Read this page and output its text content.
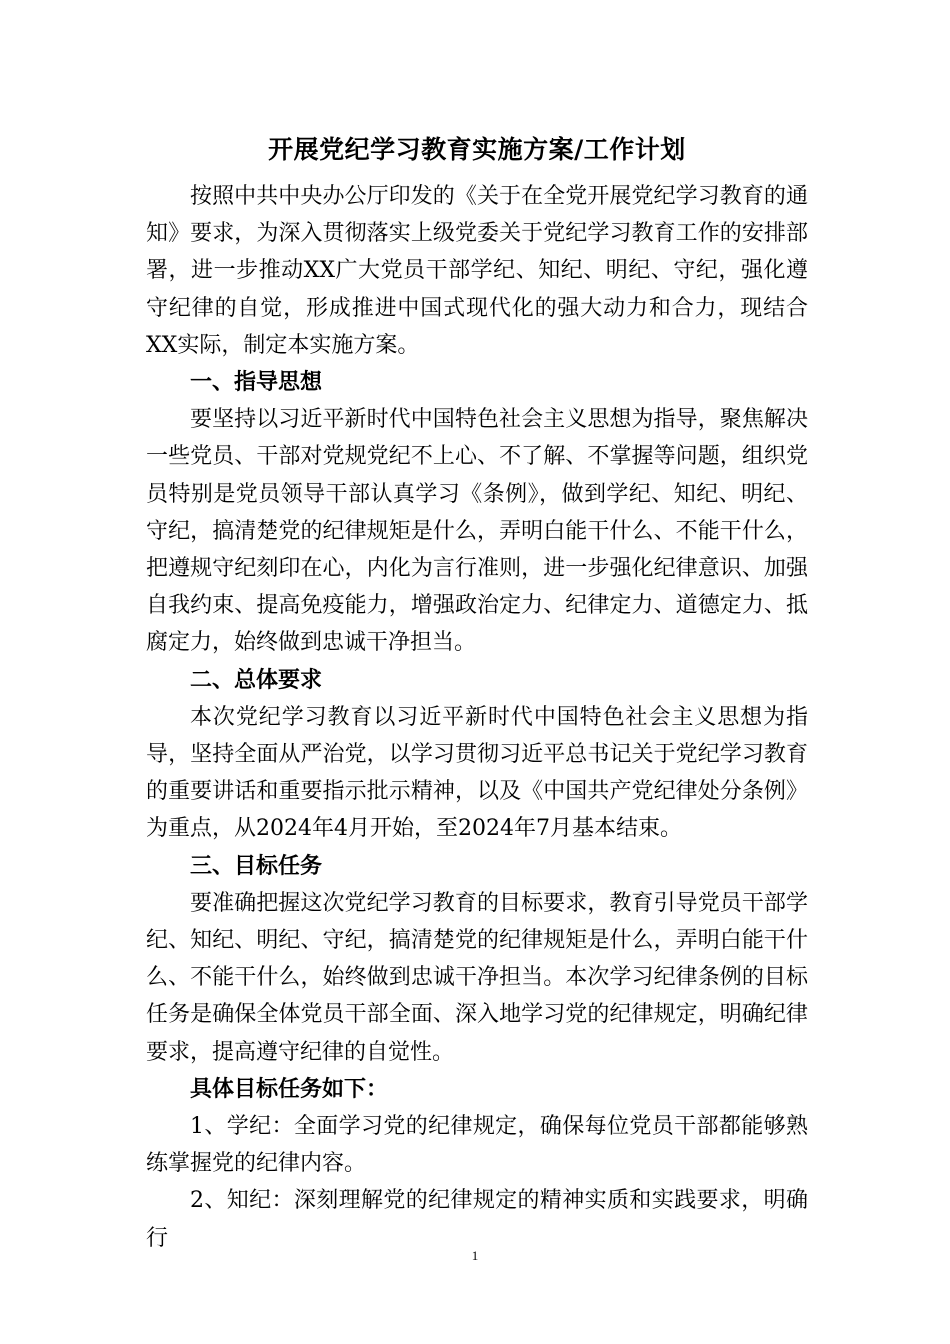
开展党纪学习教育实施方案/工作计划

按照中共中央办公厅印发的《关于在全党开展党纪学习教育的通知》要求，为深入贯彻落实上级党委关于党纪学习教育工作的安排部署，进一步推动XX广大党员干部学纪、知纪、明纪、守纪，强化遵守纪律的自觉，形成推进中国式现代化的强大动力和合力，现结合XX实际，制定本实施方案。

一、指导思想

要坚持以习近平新时代中国特色社会主义思想为指导，聚焦解决一些党员、干部对党规党纪不上心、不了解、不掌握等问题，组织党员特别是党员领导干部认真学习《条例》，做到学纪、知纪、明纪、守纪，搞清楚党的纪律规矩是什么，弄明白能干什么、不能干什么，把遵规守纪刻印在心，内化为言行准则，进一步强化纪律意识、加强自我约束、提高免疫能力，增强政治定力、纪律定力、道德定力、抵腐定力，始终做到忠诚干净担当。

二、总体要求

本次党纪学习教育以习近平新时代中国特色社会主义思想为指导，坚持全面从严治党，以学习贯彻习近平总书记关于党纪学习教育的重要讲话和重要指示批示精神，以及《中国共产党纪律处分条例》为重点，从2024年4月开始，至2024年7月基本结束。

三、目标任务

要准确把握这次党纪学习教育的目标要求，教育引导党员干部学纪、知纪、明纪、守纪，搞清楚党的纪律规矩是什么，弄明白能干什么、不能干什么，始终做到忠诚干净担当。本次学习纪律条例的目标任务是确保全体党员干部全面、深入地学习党的纪律规定，明确纪律要求，提高遵守纪律的自觉性。

具体目标任务如下：

1、学纪：全面学习党的纪律规定，确保每位党员干部都能够熟练掌握党的纪律内容。

2、知纪：深刻理解党的纪律规定的精神实质和实践要求，明确行

1
